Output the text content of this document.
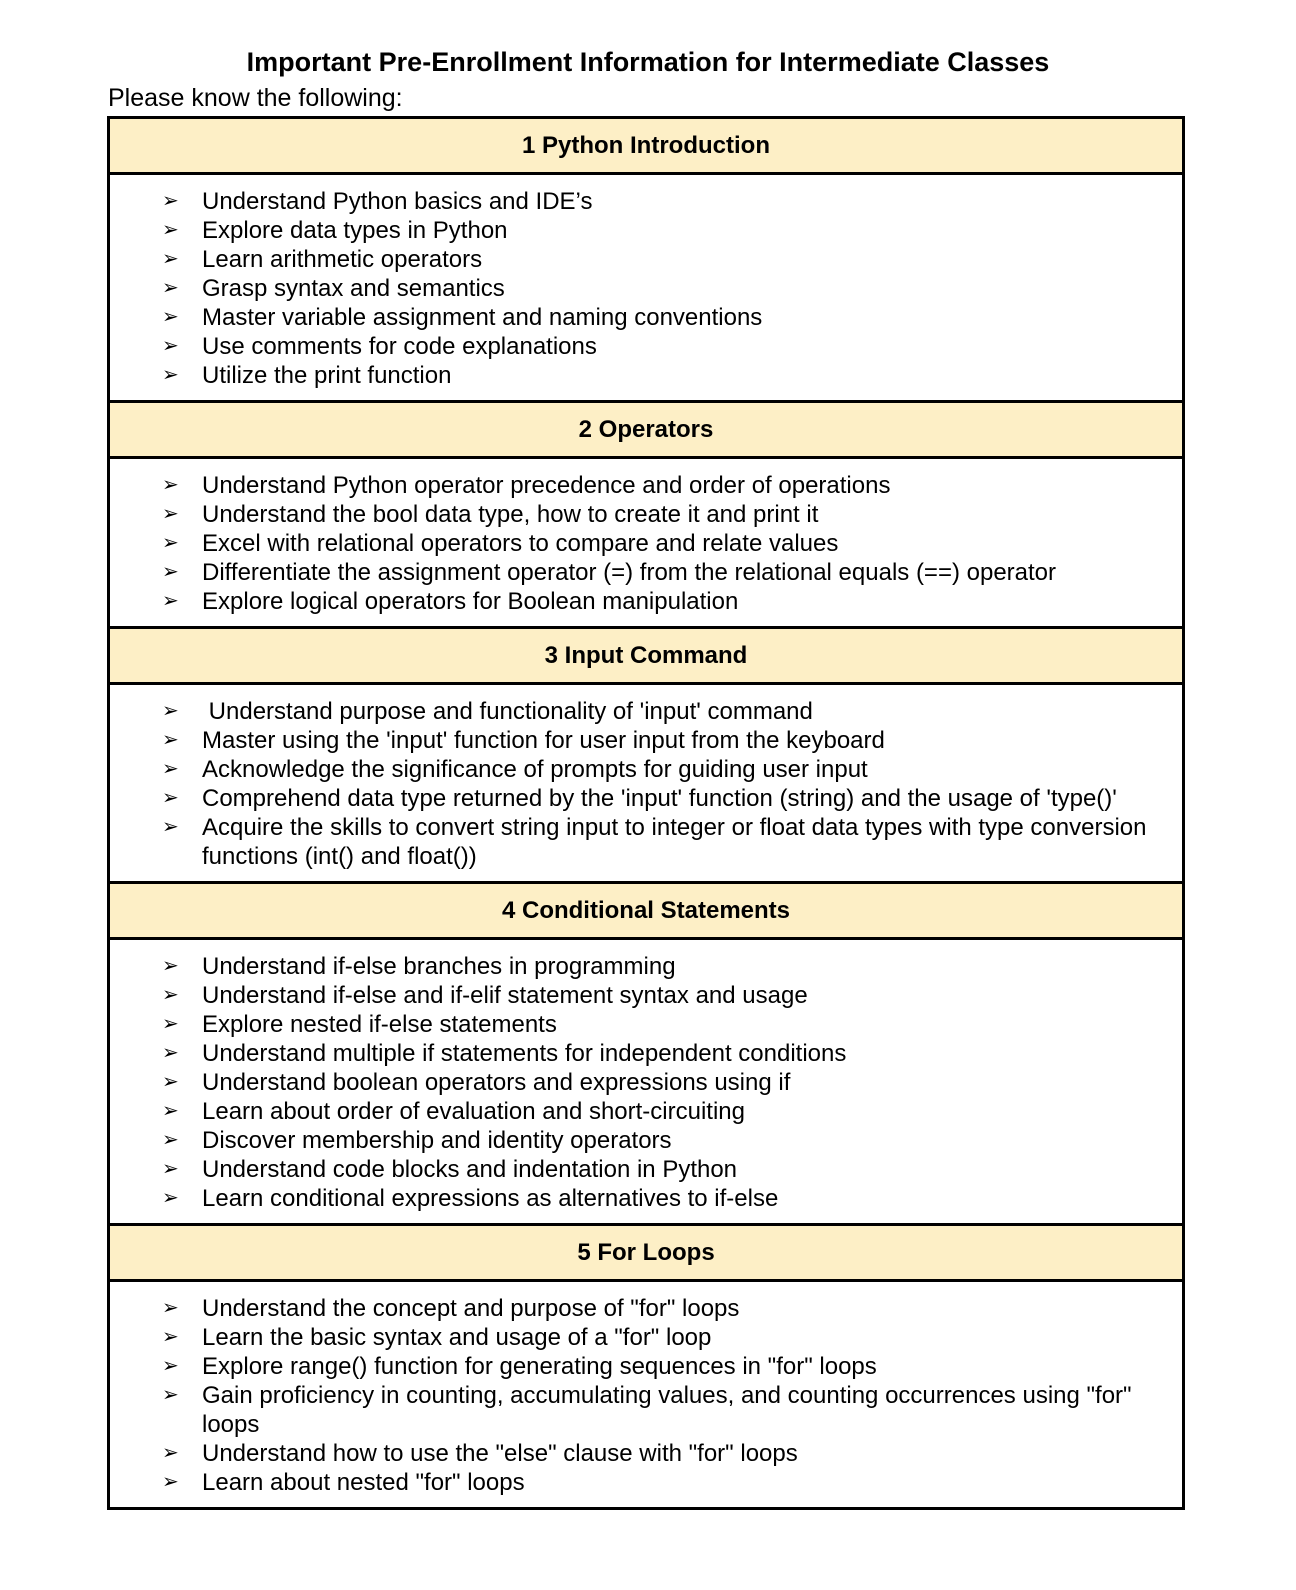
Important Pre-Enrollment Information for Intermediate Classes

Please know the following:

1 Python Introduction
➢ Understand Python basics and IDE’s
➢ Explore data types in Python
➢ Learn arithmetic operators
➢ Grasp syntax and semantics
➢ Master variable assignment and naming conventions
➢ Use comments for code explanations
➢ Utilize the print function
2 Operators
➢ Understand Python operator precedence and order of operations
➢ Understand the bool data type, how to create it and print it
➢ Excel with relational operators to compare and relate values
➢ Differentiate the assignment operator (=) from the relational equals (==) operator
➢ Explore logical operators for Boolean manipulation
3 Input Command
➢ Understand purpose and functionality of 'input' command
➢ Master using the 'input' function for user input from the keyboard
➢ Acknowledge the significance of prompts for guiding user input
➢ Comprehend data type returned by the 'input' function (string) and the usage of 'type()'
➢ Acquire the skills to convert string input to integer or float data types with type conversion functions (int() and float())
4 Conditional Statements
➢ Understand if-else branches in programming
➢ Understand if-else and if-elif statement syntax and usage
➢ Explore nested if-else statements
➢ Understand multiple if statements for independent conditions
➢ Understand boolean operators and expressions using if
➢ Learn about order of evaluation and short-circuiting
➢ Discover membership and identity operators
➢ Understand code blocks and indentation in Python
➢ Learn conditional expressions as alternatives to if-else
5 For Loops
➢ Understand the concept and purpose of "for" loops
➢ Learn the basic syntax and usage of a "for" loop
➢ Explore range() function for generating sequences in "for" loops
➢ Gain proficiency in counting, accumulating values, and counting occurrences using "for" loops
➢ Understand how to use the "else" clause with "for" loops
➢ Learn about nested "for" loops
